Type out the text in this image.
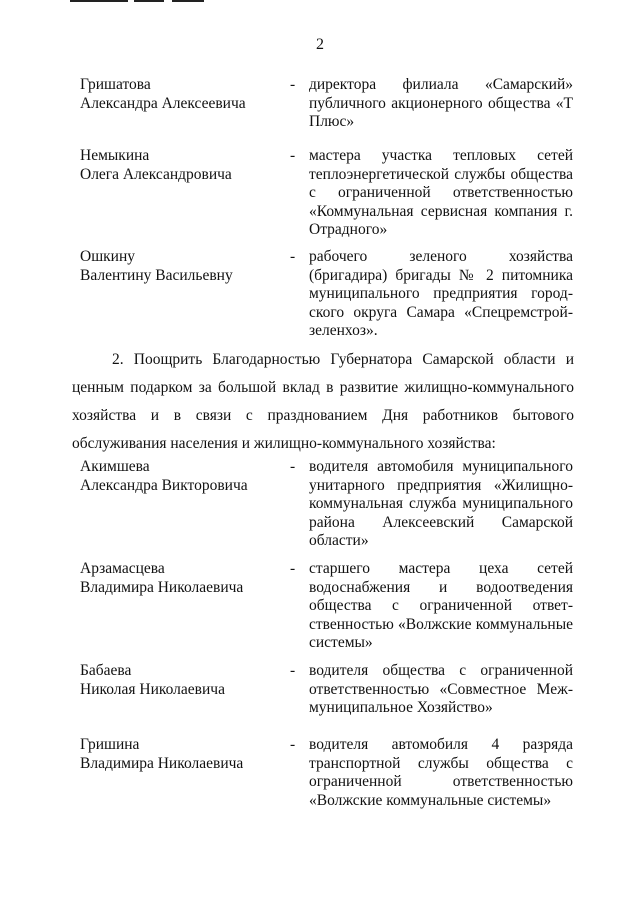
2
Гришатова
Александра Алексеевича
- директора филиала «Самарский» публичного акционерного общества «Т Плюс»
Немыкина
Олега Александровича
- мастера участка тепловых сетей теплоэнергетической службы общества с ограниченной ответственностью «Коммунальная сервисная компания г. Отрадного»
Ошкину
Валентину Васильевну
- рабочего зеленого хозяйства (бригадира) бригады № 2 питомника муниципального предприятия городского округа Самара «Спецремстройзеленхоз».
2. Поощрить Благодарностью Губернатора Самарской области и ценным подарком за большой вклад в развитие жилищно-коммунального хозяйства и в связи с празднованием Дня работников бытового обслуживания населения и жилищно-коммунального хозяйства:
Акимшева
Александра Викторовича
- водителя автомобиля муниципального унитарного предприятия «Жилищно-коммунальная служба муниципального района Алексеевский Самарской области»
Арзамасцева
Владимира Николаевича
- старшего мастера цеха сетей водоснабжения и водоотведения общества с ограниченной ответственностью «Волжские коммунальные системы»
Бабаева
Николая Николаевича
- водителя общества с ограниченной ответственностью «Совместное Межмуниципальное Хозяйство»
Гришина
Владимира Николаевича
- водителя автомобиля 4 разряда транспортной службы общества с ограниченной ответственностью «Волжские коммунальные системы»
